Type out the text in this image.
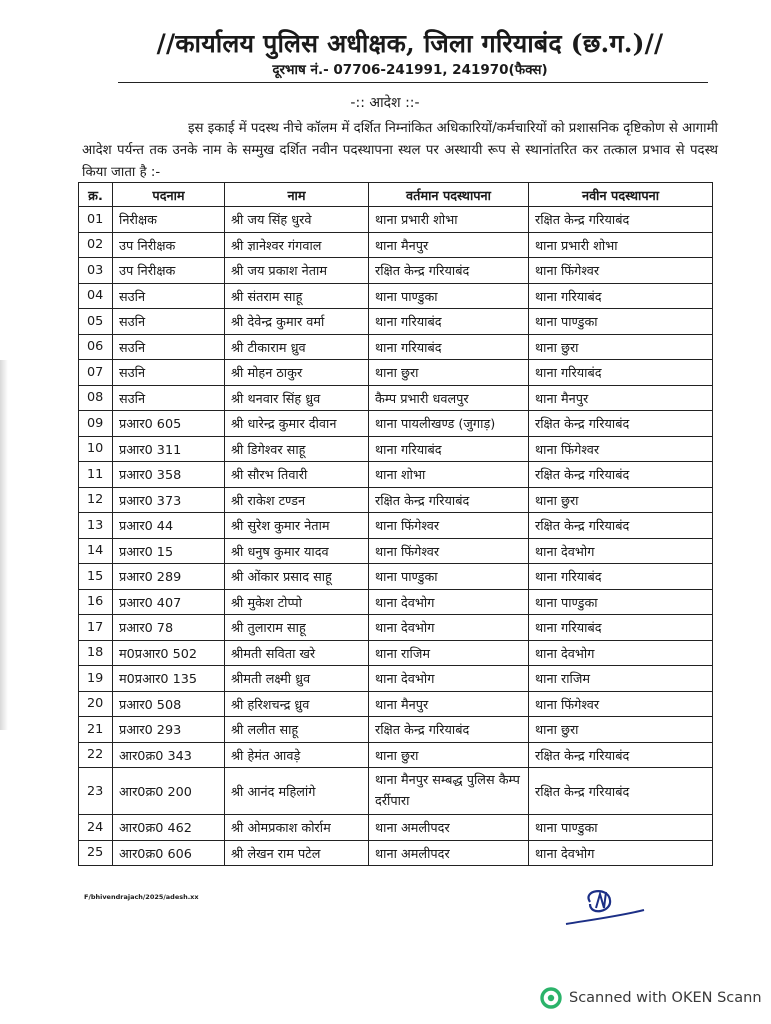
//कार्यालय पुलिस अधीक्षक, जिला गरियाबंद (छ.ग.)//
दूरभाष नं.- 07706-241991, 241970(फैक्स)
-:: आदेश ::-
इस इकाई में पदस्थ नीचे कॉलम में दर्शित निम्नांकित अधिकारियों/कर्मचारियों को प्रशासनिक दृष्टिकोण से आगामी आदेश पर्यन्त तक उनके नाम के सम्मुख दर्शित नवीन पदस्थापना स्थल पर अस्थायी रूप से स्थानांतरित कर तत्काल प्रभाव से पदस्थ किया जाता है :-
क्र.	पदनाम	नाम	वर्तमान पदस्थापना	नवीन पदस्थापना
01	निरीक्षक	श्री जय सिंह धुरवे	थाना प्रभारी शोभा	रक्षित केन्द्र गरियाबंद
02	उप निरीक्षक	श्री ज्ञानेश्वर गंगवाल	थाना मैनपुर	थाना प्रभारी शोभा
03	उप निरीक्षक	श्री जय प्रकाश नेताम	रक्षित केन्द्र गरियाबंद	थाना फिंगेश्वर
04	सउनि	श्री संतराम साहू	थाना पाण्डुका	थाना गरियाबंद
05	सउनि	श्री देवेन्द्र कुमार वर्मा	थाना गरियाबंद	थाना पाण्डुका
06	सउनि	श्री टीकाराम ध्रुव	थाना गरियाबंद	थाना छुरा
07	सउनि	श्री मोहन ठाकुर	थाना छुरा	थाना गरियाबंद
08	सउनि	श्री थनवार सिंह ध्रुव	कैम्प प्रभारी धवलपुर	थाना मैनपुर
09	प्रआर0 605	श्री धारेन्द्र कुमार दीवान	थाना पायलीखण्ड (जुगाड़)	रक्षित केन्द्र गरियाबंद
10	प्रआर0 311	श्री डिगेश्वर साहू	थाना गरियाबंद	थाना फिंगेश्वर
11	प्रआर0 358	श्री सौरभ तिवारी	थाना शोभा	रक्षित केन्द्र गरियाबंद
12	प्रआर0 373	श्री राकेश टण्डन	रक्षित केन्द्र गरियाबंद	थाना छुरा
13	प्रआर0 44	श्री सुरेश कुमार नेताम	थाना फिंगेश्वर	रक्षित केन्द्र गरियाबंद
14	प्रआर0 15	श्री धनुष कुमार यादव	थाना फिंगेश्वर	थाना देवभोग
15	प्रआर0 289	श्री ओंकार प्रसाद साहू	थाना पाण्डुका	थाना गरियाबंद
16	प्रआर0 407	श्री मुकेश टोप्पो	थाना देवभोग	थाना पाण्डुका
17	प्रआर0 78	श्री तुलाराम साहू	थाना देवभोग	थाना गरियाबंद
18	म0प्रआर0 502	श्रीमती सविता खरे	थाना राजिम	थाना देवभोग
19	म0प्रआर0 135	श्रीमती लक्ष्मी ध्रुव	थाना देवभोग	थाना राजिम
20	प्रआर0 508	श्री हरिशचन्द्र ध्रुव	थाना मैनपुर	थाना फिंगेश्वर
21	प्रआर0 293	श्री ललीत साहू	रक्षित केन्द्र गरियाबंद	थाना छुरा
22	आर0क्र0 343	श्री हेमंत आवड़े	थाना छुरा	रक्षित केन्द्र गरियाबंद
23	आर0क्र0 200	श्री आनंद महिलांगे	थाना मैनपुर सम्बद्ध पुलिस कैम्प दर्रीपारा	रक्षित केन्द्र गरियाबंद
24	आर0क्र0 462	श्री ओमप्रकाश कोर्राम	थाना अमलीपदर	थाना पाण्डुका
25	आर0क्र0 606	श्री लेखन राम पटेल	थाना अमलीपदर	थाना देवभोग
F/bhivendrajach/2025/adesh.xx
Scanned with OKEN Scann
